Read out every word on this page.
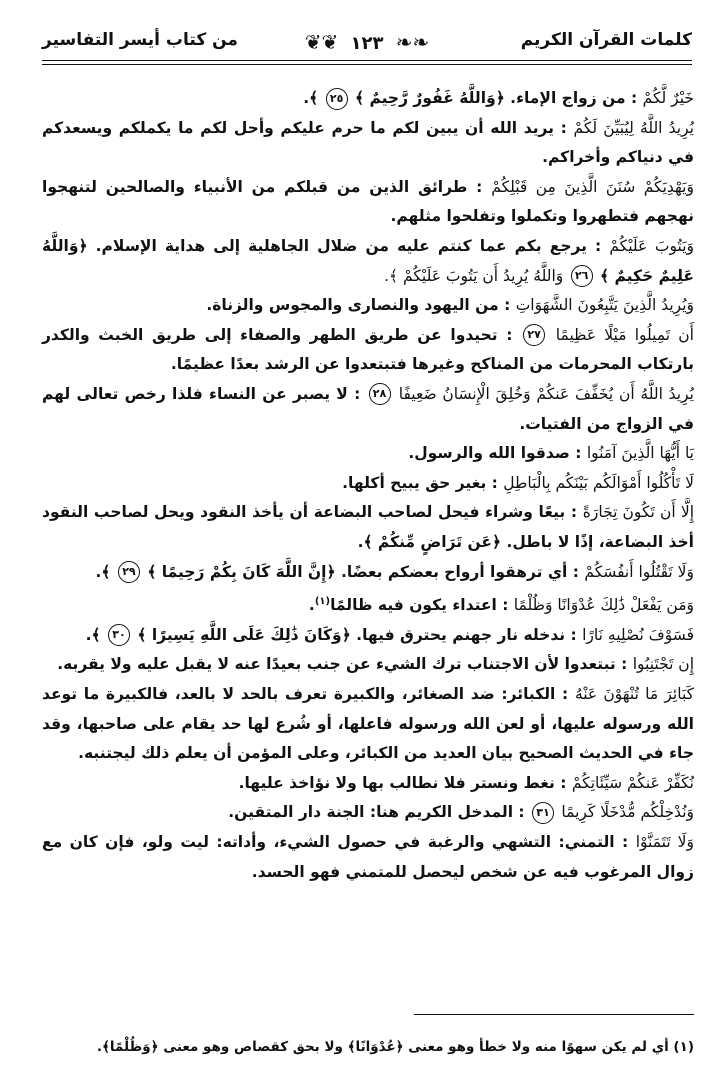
كلمات القرآن الكريم
❧❧ ١٢٣ ❦❦
من كتاب أيسر التفاسير

خَيْرٌ لَّكُمْ : من زواج الإماء. ﴿وَاللَّهُ غَفُورٌ رَّحِيمٌ ﴾ ٢٥ ﴾.

يُرِيدُ اللَّهُ لِيُبَيِّنَ لَكُمْ : يريد الله أن يبين لكم ما حرم عليكم وأحل لكم ما يكملكم ويسعدكم في دنياكم وأخراكم.

وَيَهْدِيَكُمْ سُنَنَ الَّذِينَ مِن قَبْلِكُمْ : طرائق الذين من قبلكم من الأنبياء والصالحين لتنهجوا نهجهم فتطهروا وتكملوا وتفلحوا مثلهم.

وَيَتُوبَ عَلَيْكُمْ : يرجع بكم عما كنتم عليه من ضلال الجاهلية إلى هداية الإسلام. ﴿وَاللَّهُ عَلِيمٌ حَكِيمٌ ﴾ ٢٦ وَاللَّهُ يُرِيدُ أَن يَتُوبَ عَلَيْكُمْ ﴾.

وَيُرِيدُ الَّذِينَ يَتَّبِعُونَ الشَّهَوَاتِ : من اليهود والنصارى والمجوس والزناة.

أَن تَمِيلُوا مَيْلًا عَظِيمًا ٢٧ : تحيدوا عن طريق الطهر والصفاء إلى طريق الخبث والكدر بارتكاب المحرمات من المناكح وغيرها فتبتعدوا عن الرشد بعدًا عظيمًا.

يُرِيدُ اللَّهُ أَن يُخَفِّفَ عَنكُمْ وَخُلِقَ الْإِنسَانُ ضَعِيفًا ٢٨ : لا يصبر عن النساء فلذا رخص تعالى لهم في الزواج من الفتيات.

يَا أَيُّهَا الَّذِينَ آمَنُوا : صدقوا الله والرسول.

لَا تَأْكُلُوا أَمْوَالَكُم بَيْنَكُم بِالْبَاطِلِ : بغير حق يبيح أكلها.

إِلَّا أَن تَكُونَ تِجَارَةً : بيعًا وشراء فيحل لصاحب البضاعة أن يأخذ النقود ويحل لصاحب النقود أخذ البضاعة، إذًا لا باطل. ﴿عَن تَرَاضٍ مِّنكُمْ ﴾.

وَلَا تَقْتُلُوا أَنفُسَكُمْ : أي ترهقوا أرواح بعضكم بعضًا. ﴿إِنَّ اللَّهَ كَانَ بِكُمْ رَحِيمًا ﴾ ٢٩ ﴾.

وَمَن يَفْعَلْ ذَٰلِكَ عُدْوَانًا وَظُلْمًا : اعتداء يكون فيه ظالمًا$^{(١)}$.

فَسَوْفَ نُصْلِيهِ نَارًا : ندخله نار جهنم يحترق فيها. ﴿وَكَانَ ذَٰلِكَ عَلَى اللَّهِ يَسِيرًا ﴾ ٣٠ ﴾.

إِن تَجْتَنِبُوا : تبتعدوا لأن الاجتناب ترك الشيء عن جنب بعيدًا عنه لا يقبل عليه ولا يقربه.

كَبَائِرَ مَا تُنْهَوْنَ عَنْهُ : الكبائر: ضد الصغائر، والكبيرة تعرف بالحد لا بالعد، فالكبيرة ما توعد الله ورسوله عليها، أو لعن الله ورسوله فاعلها، أو شُرع لها حد يقام على صاحبها، وقد جاء في الحديث الصحيح بيان العديد من الكبائر، وعلى المؤمن أن يعلم ذلك ليجتنبه.

نُكَفِّرْ عَنكُمْ سَيِّئَاتِكُمْ : نغط ونستر فلا نطالب بها ولا نؤاخذ عليها.

وَنُدْخِلْكُم مُّدْخَلًا كَرِيمًا ٣١ : المدخل الكريم هنا: الجنة دار المتقين.

وَلَا تَتَمَنَّوْا : التمني: التشهي والرغبة في حصول الشيء، وأداته: ليت ولو، فإن كان مع زوال المرغوب فيه عن شخص ليحصل للمتمني فهو الحسد.

(١) أي لم يكن سهوًا منه ولا خطأ وهو معنى ﴿عُدْوَانًا﴾ ولا بحق كقصاص وهو معنى ﴿وَظُلْمًا﴾.
